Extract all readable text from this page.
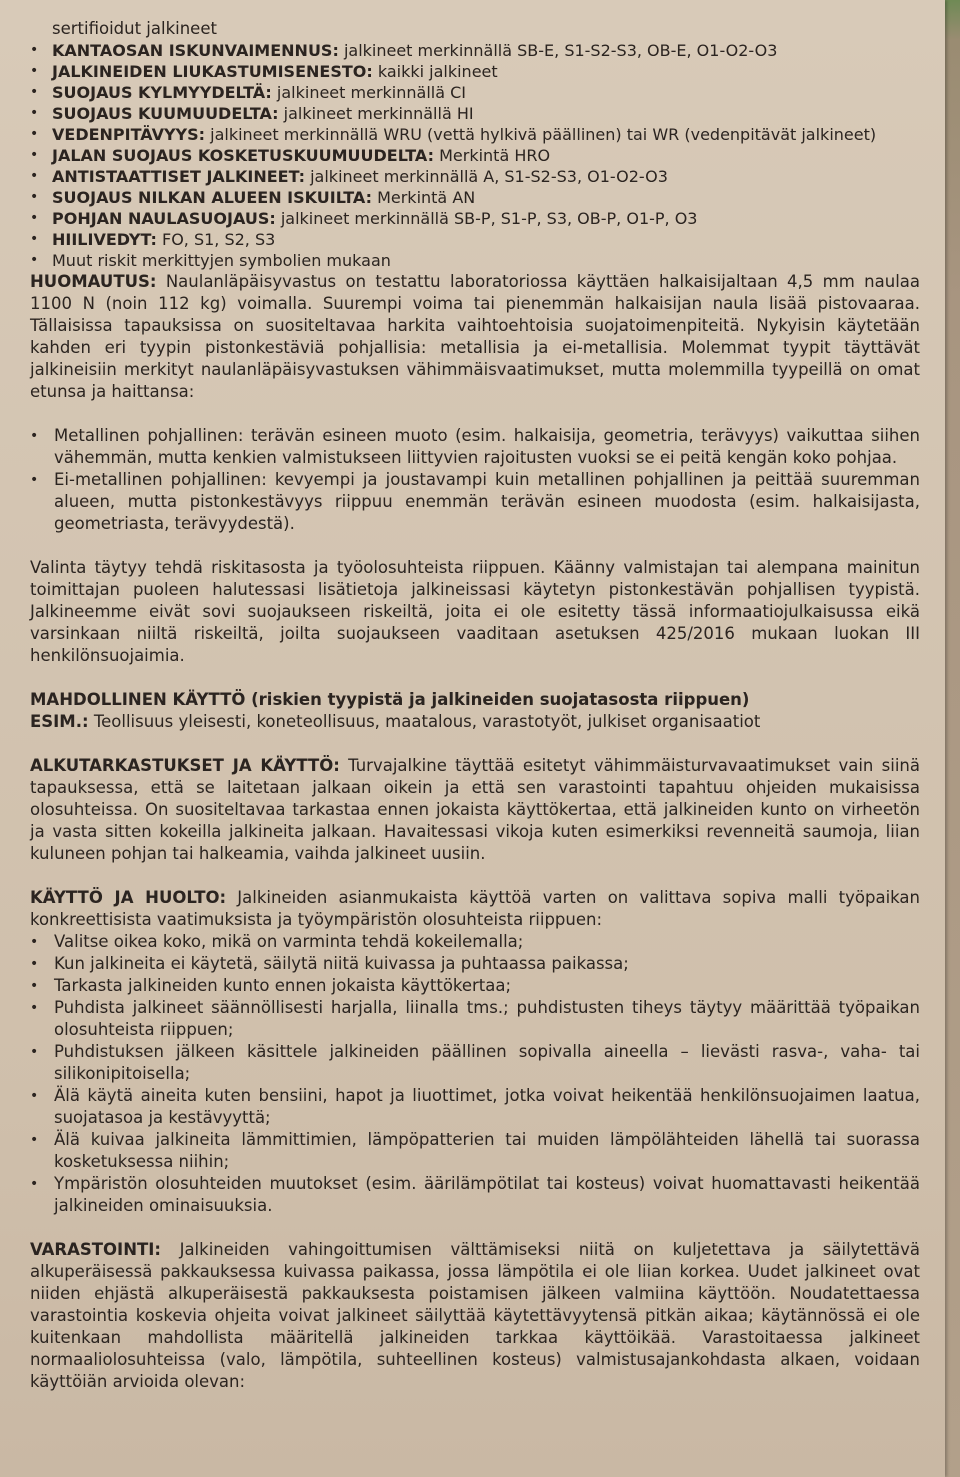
sertifioidut jalkineet

• KANTAOSAN ISKUNVAIMENNUS: jalkineet merkinnällä SB-E, S1-S2-S3, OB-E, O1-O2-O3
• JALKINEIDEN LIUKASTUMISENESTO: kaikki jalkineet
• SUOJAUS KYLMYYDELTÄ: jalkineet merkinnällä CI
• SUOJAUS KUUMUUDELTA: jalkineet merkinnällä HI
• VEDENPITÄVYYS: jalkineet merkinnällä WRU (vettä hylkivä päällinen) tai WR (vedenpitävät jalkineet)
• JALAN SUOJAUS KOSKETUSKUUMUUDELTA: Merkintä HRO
• ANTISTAATTISET JALKINEET: jalkineet merkinnällä A, S1-S2-S3, O1-O2-O3
• SUOJAUS NILKAN ALUEEN ISKUILTA: Merkintä AN
• POHJAN NAULASUOJAUS: jalkineet merkinnällä SB-P, S1-P, S3, OB-P, O1-P, O3
• HIILIVEDYT: FO, S1, S2, S3
• Muut riskit merkittyjen symbolien mukaan

HUOMAUTUS: Naulanläpäisyvastus on testattu laboratoriossa käyttäen halkaisijaltaan 4,5 mm naulaa 1100 N (noin 112 kg) voimalla. Suurempi voima tai pienemmän halkaisijan naula lisää pistovaaraa. Tällaisissa tapauksissa on suositeltavaa harkita vaihtoehtoisia suojatoimenpiteitä. Nykyisin käytetään kahden eri tyypin pistonkestäviä pohjallisia: metallisia ja ei-metallisia. Molemmat tyypit täyttävät jalkineisiin merkityt naulanläpäisyvastuksen vähimmäisvaatimukset, mutta molemmilla tyypeillä on omat etunsa ja haittansa:

• Metallinen pohjallinen: terävän esineen muoto (esim. halkaisija, geometria, terävyys) vaikuttaa siihen vähemmän, mutta kenkien valmistukseen liittyvien rajoitusten vuoksi se ei peitä kengän koko pohjaa.
• Ei-metallinen pohjallinen: kevyempi ja joustavampi kuin metallinen pohjallinen ja peittää suuremman alueen, mutta pistonkestävyys riippuu enemmän terävän esineen muodosta (esim. halkaisijasta, geometriasta, terävyydestä).

Valinta täytyy tehdä riskitasosta ja työolosuhteista riippuen. Käänny valmistajan tai alempana mainitun toimittajan puoleen halutessasi lisätietoja jalkineissasi käytetyn pistonkestävän pohjallisen tyypistä. Jalkineemme eivät sovi suojaukseen riskeiltä, joita ei ole esitetty tässä informaatiojulkaisussa eikä varsinkaan niiltä riskeiltä, joilta suojaukseen vaaditaan asetuksen 425/2016 mukaan luokan III henkilönsuojaimia.

MAHDOLLINEN KÄYTTÖ (riskien tyypistä ja jalkineiden suojatasosta riippuen)

ESIM.: Teollisuus yleisesti, koneteollisuus, maatalous, varastotyöt, julkiset organisaatiot

ALKUTARKASTUKSET JA KÄYTTÖ: Turvajalkine täyttää esitetyt vähimmäisturvavaatimukset vain siinä tapauksessa, että se laitetaan jalkaan oikein ja että sen varastointi tapahtuu ohjeiden mukaisissa olosuhteissa. On suositeltavaa tarkastaa ennen jokaista käyttökertaa, että jalkineiden kunto on virheetön ja vasta sitten kokeilla jalkineita jalkaan. Havaitessasi vikoja kuten esimerkiksi revenneitä saumoja, liian kuluneen pohjan tai halkeamia, vaihda jalkineet uusiin.

KÄYTTÖ JA HUOLTO: Jalkineiden asianmukaista käyttöä varten on valittava sopiva malli työpaikan konkreettisista vaatimuksista ja työympäristön olosuhteista riippuen:

• Valitse oikea koko, mikä on varminta tehdä kokeilemalla;
• Kun jalkineita ei käytetä, säilytä niitä kuivassa ja puhtaassa paikassa;
• Tarkasta jalkineiden kunto ennen jokaista käyttökertaa;
• Puhdista jalkineet säännöllisesti harjalla, liinalla tms.; puhdistusten tiheys täytyy määrittää työpaikan olosuhteista riippuen;
• Puhdistuksen jälkeen käsittele jalkineiden päällinen sopivalla aineella – lievästi rasva-, vaha- tai silikonipitoisella;
• Älä käytä aineita kuten bensiini, hapot ja liuottimet, jotka voivat heikentää henkilönsuojaimen laatua, suojatasoa ja kestävyyttä;
• Älä kuivaa jalkineita lämmittimien, lämpöpatterien tai muiden lämpölähteiden lähellä tai suorassa kosketuksessa niihin;
• Ympäristön olosuhteiden muutokset (esim. äärilämpötilat tai kosteus) voivat huomattavasti heikentää jalkineiden ominaisuuksia.

VARASTOINTI: Jalkineiden vahingoittumisen välttämiseksi niitä on kuljetettava ja säilytettävä alkuperäisessä pakkauksessa kuivassa paikassa, jossa lämpötila ei ole liian korkea. Uudet jalkineet ovat niiden ehjästä alkuperäisestä pakkauksesta poistamisen jälkeen valmiina käyttöön. Noudatettaessa varastointia koskevia ohjeita voivat jalkineet säilyttää käytettävyytensä pitkän aikaa; käytännössä ei ole kuitenkaan mahdollista määritellä jalkineiden tarkkaa käyttöikää. Varastoitaessa jalkineet normaaliolosuhteissa (valo, lämpötila, suhteellinen kosteus) valmistusajankohdasta alkaen, voidaan käyttöiän arvioida olevan:
